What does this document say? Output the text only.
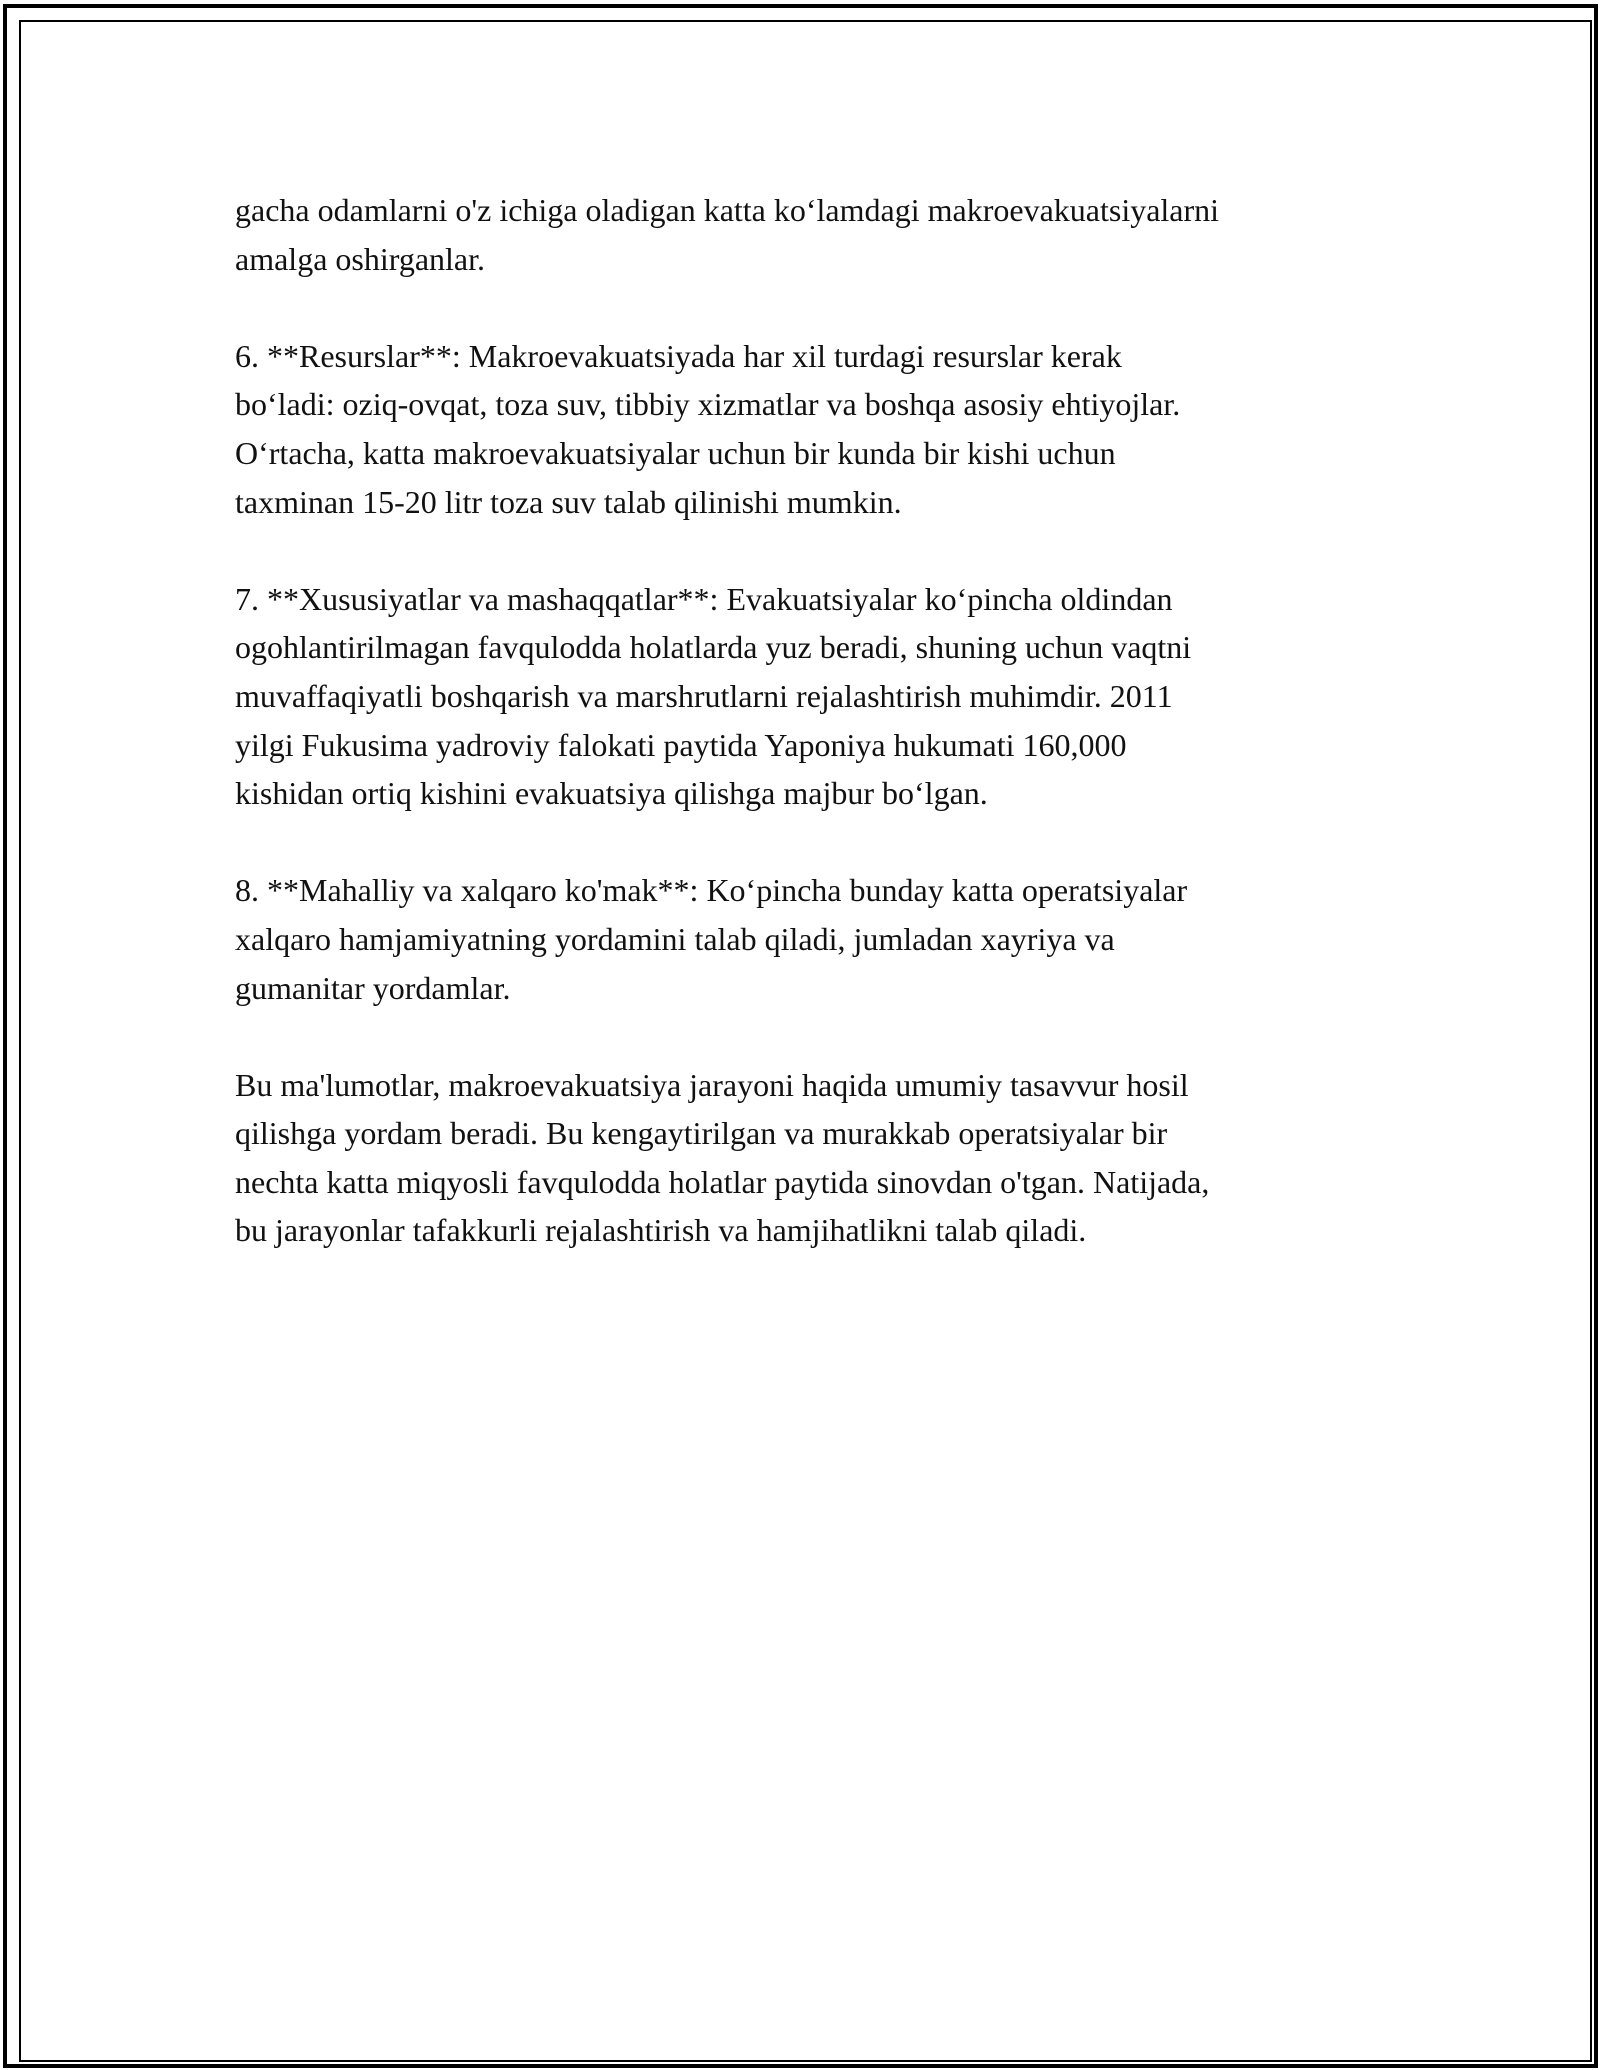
gacha odamlarni o'z ichiga oladigan katta ko‘lamdagi makroevakuatsiyalarni
amalga oshirganlar.

6. **Resurslar**: Makroevakuatsiyada har xil turdagi resurslar kerak
bo‘ladi: oziq-ovqat, toza suv, tibbiy xizmatlar va boshqa asosiy ehtiyojlar.
O‘rtacha, katta makroevakuatsiyalar uchun bir kunda bir kishi uchun
taxminan 15-20 litr toza suv talab qilinishi mumkin.

7. **Xususiyatlar va mashaqqatlar**: Evakuatsiyalar ko‘pincha oldindan
ogohlantirilmagan favqulodda holatlarda yuz beradi, shuning uchun vaqtni
muvaffaqiyatli boshqarish va marshrutlarni rejalashtirish muhimdir. 2011
yilgi Fukusima yadroviy falokati paytida Yaponiya hukumati 160,000
kishidan ortiq kishini evakuatsiya qilishga majbur bo‘lgan.

8. **Mahalliy va xalqaro ko'mak**: Ko‘pincha bunday katta operatsiyalar
xalqaro hamjamiyatning yordamini talab qiladi, jumladan xayriya va
gumanitar yordamlar.

Bu ma'lumotlar, makroevakuatsiya jarayoni haqida umumiy tasavvur hosil
qilishga yordam beradi. Bu kengaytirilgan va murakkab operatsiyalar bir
nechta katta miqyosli favqulodda holatlar paytida sinovdan o'tgan. Natijada,
bu jarayonlar tafakkurli rejalashtirish va hamjihatlikni talab qiladi.
